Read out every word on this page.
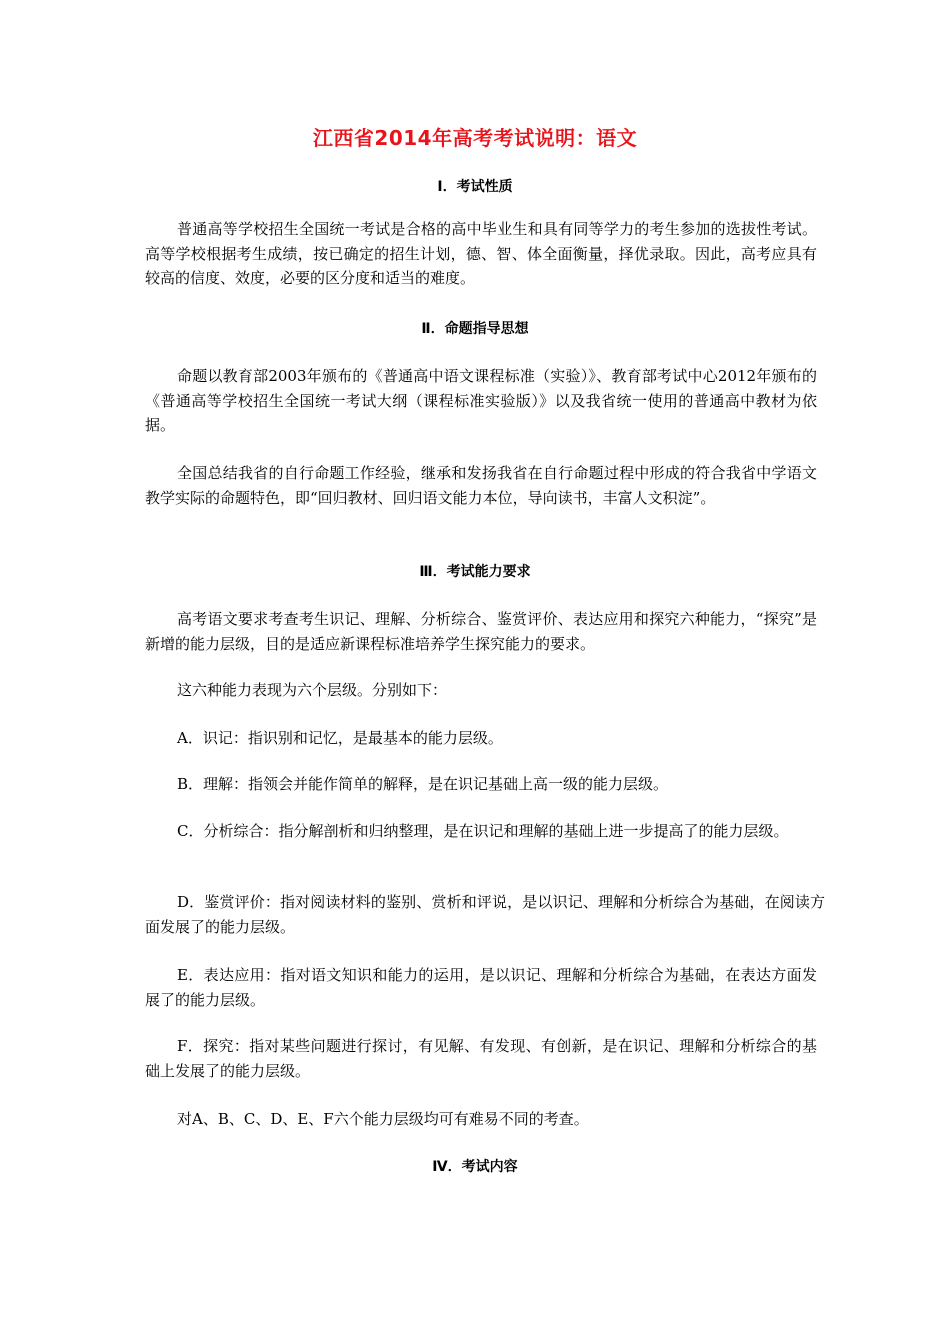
江西省2014年高考考试说明：语文
Ⅰ．考试性质

普通高等学校招生全国统一考试是合格的高中毕业生和具有同等学力的考生参加的选拔性考试。高等学校根据考生成绩，按已确定的招生计划，德、智、体全面衡量，择优录取。因此，高考应具有较高的信度、效度，必要的区分度和适当的难度。

Ⅱ．命题指导思想

命题以教育部2003年颁布的《普通高中语文课程标准（实验）》、教育部考试中心2012年颁布的《普通高等学校招生全国统一考试大纲（课程标准实验版）》以及我省统一使用的普通高中教材为依据。

全国总结我省的自行命题工作经验，继承和发扬我省在自行命题过程中形成的符合我省中学语文教学实际的命题特色，即“回归教材、回归语文能力本位，导向读书，丰富人文积淀”。

Ⅲ．考试能力要求

高考语文要求考查考生识记、理解、分析综合、鉴赏评价、表达应用和探究六种能力，“探究”是新增的能力层级，目的是适应新课程标准培养学生探究能力的要求。

这六种能力表现为六个层级。分别如下：

A．识记：指识别和记忆，是最基本的能力层级。

B．理解：指领会并能作简单的解释，是在识记基础上高一级的能力层级。

C．分析综合：指分解剖析和归纳整理，是在识记和理解的基础上进一步提高了的能力层级。

D．鉴赏评价：指对阅读材料的鉴别、赏析和评说，是以识记、理解和分析综合为基础，在阅读方面发展了的能力层级。

E．表达应用：指对语文知识和能力的运用，是以识记、理解和分析综合为基础，在表达方面发展了的能力层级。

F．探究：指对某些问题进行探讨，有见解、有发现、有创新，是在识记、理解和分析综合的基础上发展了的能力层级。

对A、B、C、D、E、F六个能力层级均可有难易不同的考查。

Ⅳ．考试内容
